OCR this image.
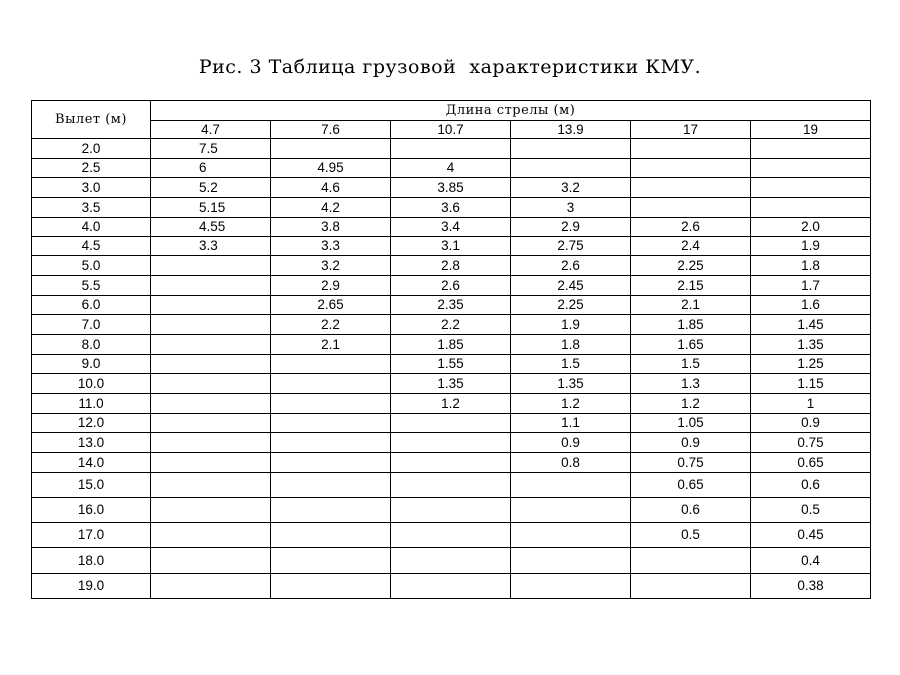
Рис. 3 Таблица грузовой  характеристики КМУ.
Вылет (м)	Длина стрелы (м)					
	4.7	7.6	10.7	13.9	17	19
2.0	7.5					
2.5	6	4.95	4			
3.0	5.2	4.6	3.85	3.2		
3.5	5.15	4.2	3.6	3		
4.0	4.55	3.8	3.4	2.9	2.6	2.0
4.5	3.3	3.3	3.1	2.75	2.4	1.9
5.0		3.2	2.8	2.6	2.25	1.8
5.5		2.9	2.6	2.45	2.15	1.7
6.0		2.65	2.35	2.25	2.1	1.6
7.0		2.2	2.2	1.9	1.85	1.45
8.0		2.1	1.85	1.8	1.65	1.35
9.0			1.55	1.5	1.5	1.25
10.0			1.35	1.35	1.3	1.15
11.0			1.2	1.2	1.2	1
12.0				1.1	1.05	0.9
13.0				0.9	0.9	0.75
14.0				0.8	0.75	0.65
15.0					0.65	0.6
16.0					0.6	0.5
17.0					0.5	0.45
18.0						0.4
19.0						0.38
